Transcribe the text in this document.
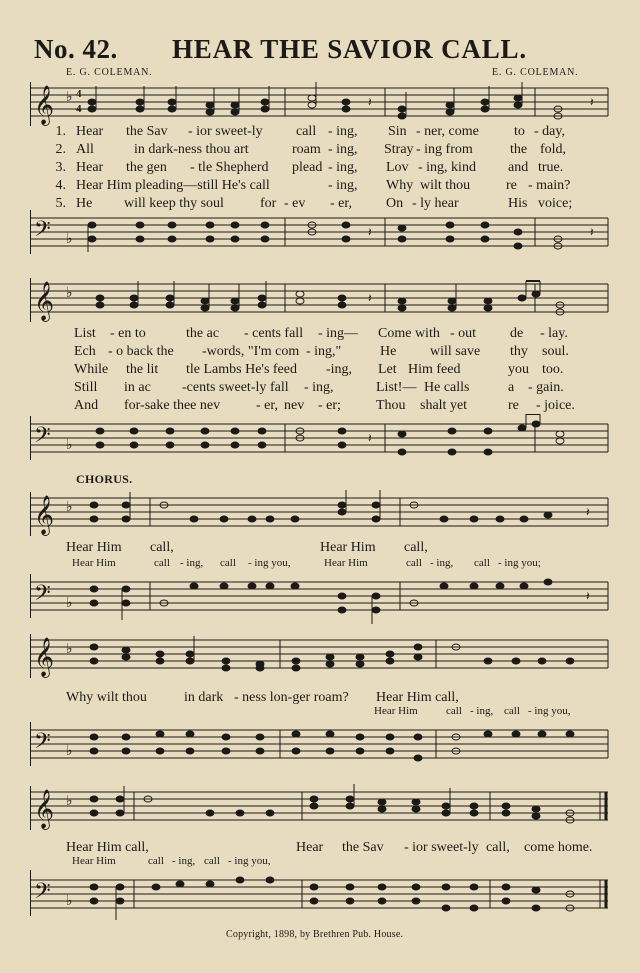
No. 42. HEAR THE SAVIOR CALL.
E. G. COLEMAN.	E. G. COLEMAN.
𝄞 ♭ 4
4	𝄽	𝄽
1. Hear the Sav - ior sweet-ly call - ing, Sin - ner, come	to - day,
2. All	in dark-ness thou art	roam - ing, Stray - ing from	the fold,
3. Hear the gen - tle Shepherd plead - ing, Lov - ing, kind and true.
4. Hear Him pleading—still He's call	- ing, Why wilt thou	re - main?
5. He will keep thy soul	for - ev - er, On - ly hear	His voice;
𝄢 ♭	𝄽	𝄽
𝄞 ♭	𝄽
List - en to	the ac - cents fall - ing— Come with - out de - lay.
Ech - o back the -words, "I'm com - ing,"	He will save thy soul.
While the lit tle Lambs He's feed -ing, Let Him feed	you too.
Still in ac -cents sweet-ly fall - ing,	List!— He calls	a - gain.
And for-sake thee nev	- er, nev - er;	Thou shalt yet	re - joice.
𝄢 ♭	𝄽
CHORUS.
𝄞 ♭	𝄽
Hear Him call,	Hear Him call,
Hear Him	call - ing, call - ing you,	Hear Him	call - ing, call - ing you;
𝄢 ♭	𝄽
𝄞 ♭
Why wilt thou	in dark - ness lon-ger roam? Hear Him call,
Hear Him	call - ing, call - ing you,
𝄢 ♭
𝄞 ♭
Hear Him call,	Hear the Sav - ior sweet-ly call, come home.
Hear Him	call - ing, call - ing you,
𝄢 ♭
Copyright, 1898, by Brethren Pub. House.
